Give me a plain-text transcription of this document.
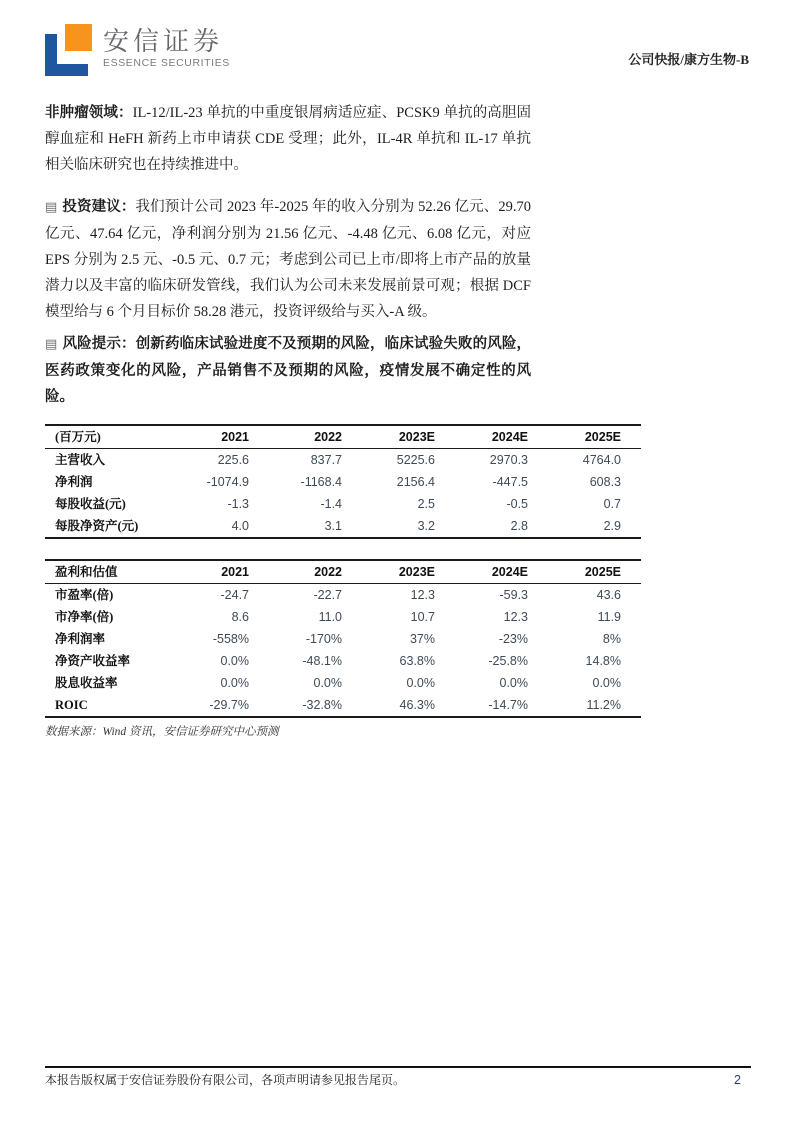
安信证券
ESSENCE SECURITIES	公司快报/康方生物-B

非肿瘤领域：IL-12/IL-23 单抗的中重度银屑病适应症、PCSK9 单抗的高胆固醇血症和 HeFH 新药上市申请获 CDE 受理；此外，IL-4R 单抗和 IL-17 单抗相关临床研究也在持续推进中。

▤ 投资建议：我们预计公司 2023 年-2025 年的收入分别为 52.26 亿元、29.70 亿元、47.64 亿元，净利润分别为 21.56 亿元、-4.48 亿元、6.08 亿元，对应 EPS 分别为 2.5 元、-0.5 元、0.7 元；考虑到公司已上市/即将上市产品的放量潜力以及丰富的临床研发管线，我们认为公司未来发展前景可观；根据 DCF 模型给与 6 个月目标价 58.28 港元，投资评级给与买入-A 级。

▤ 风险提示：创新药临床试验进度不及预期的风险，临床试验失败的风险，医药政策变化的风险，产品销售不及预期的风险，疫情发展不确定性的风险。

(百万元)	2021	2022	2023E	2024E	2025E
主营收入	225.6	837.7	5225.6	2970.3	4764.0
净利润	-1074.9	-1168.4	2156.4	-447.5	608.3
每股收益(元)	-1.3	-1.4	2.5	-0.5	0.7
每股净资产(元)	4.0	3.1	3.2	2.8	2.9
盈利和估值	2021	2022	2023E	2024E	2025E
市盈率(倍)	-24.7	-22.7	12.3	-59.3	43.6
市净率(倍)	8.6	11.0	10.7	12.3	11.9
净利润率	-558%	-170%	37%	-23%	8%
净资产收益率	0.0%	-48.1%	63.8%	-25.8%	14.8%
股息收益率	0.0%	0.0%	0.0%	0.0%	0.0%
ROIC	-29.7%	-32.8%	46.3%	-14.7%	11.2%
数据来源：Wind 资讯，安信证券研究中心预测
本报告版权属于安信证券股份有限公司，各项声明请参见报告尾页。	2
